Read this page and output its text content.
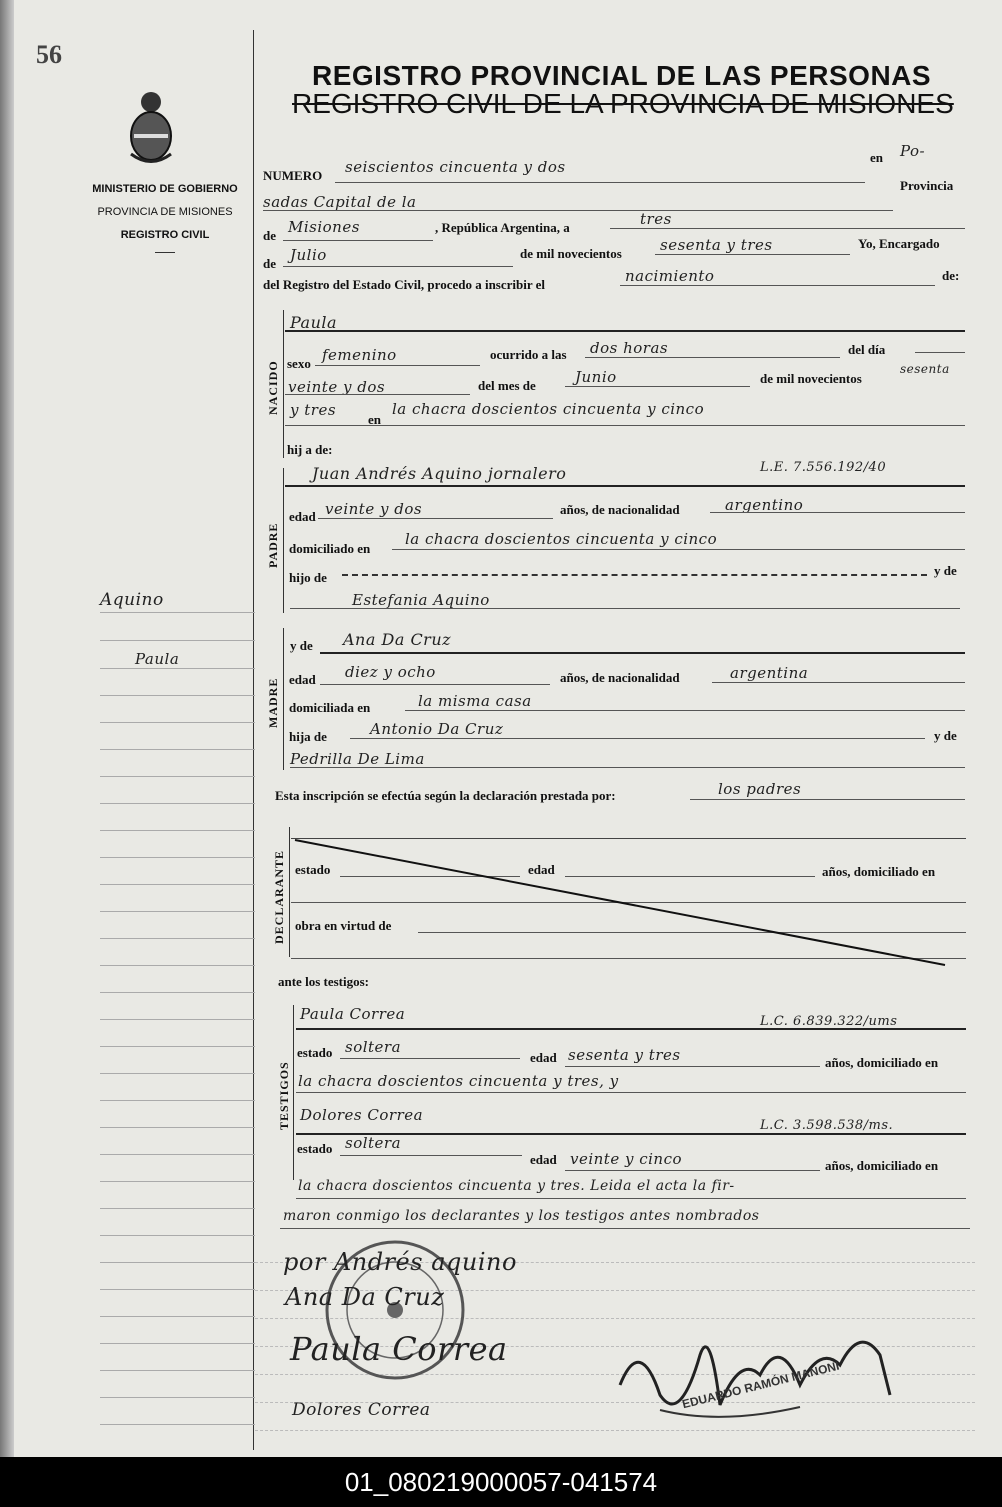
56
MINISTERIO DE GOBIERNO
PROVINCIA DE MISIONES
REGISTRO CIVIL
Aquino
Paula
REGISTRO PROVINCIAL DE LAS PERSONAS
REGISTRO CIVIL DE LA PROVINCIA DE MISIONES
NUMERO seiscientos cincuenta y dos
en Po-
sadas Capital de la
Provincia
de Misiones	, República Argentina, a	tres
de Julio	de mil novecientos	sesenta y tres	Yo, Encargado
del Registro del Estado Civil, procedo a inscribir el	nacimiento	de:
NACIDO
Paula
sexo femenino	ocurrido a las dos horas	del día
veinte y dos	del mes de	Junio	de mil novecientos
sesenta
y tres
en
la chacra doscientos cincuenta y cinco
hij a de:
PADRE
Juan Andrés Aquino jornalero	L.E. 7.556.192/40
edad veinte y dos	años, de nacionalidad	argentino
domiciliado en
la chacra doscientos cincuenta y cinco
hijo de	y de
Estefania Aquino
MADRE
y de Ana Da Cruz
edad diez y ocho	años, de nacionalidad	argentina
domiciliada en	la misma casa
hija de	Antonio Da Cruz	y de
Pedrilla De Lima
Esta inscripción se efectúa según la declaración prestada por:	los padres
DECLARANTE estado	edad	años, domiciliado en
obra en virtud de
ante los testigos:
TESTIGOS
Paula Correa	L.C. 6.839.322/ums
estado soltera
edad sesenta y tres	años, domiciliado en
la chacra doscientos cincuenta y tres, y
Dolores Correa
L.C. 3.598.538/ms.
estado soltera
edad veinte y cinco	años, domiciliado en
la chacra doscientos cincuenta y tres. Leida el acta la fir-
maron conmigo los declarantes y los testigos antes nombrados
por Andrés aquino
Ana Da Cruz
Paula Correa
Dolores Correa	EDUARDO RAMÓN MANONI
01_080219000057-041574
